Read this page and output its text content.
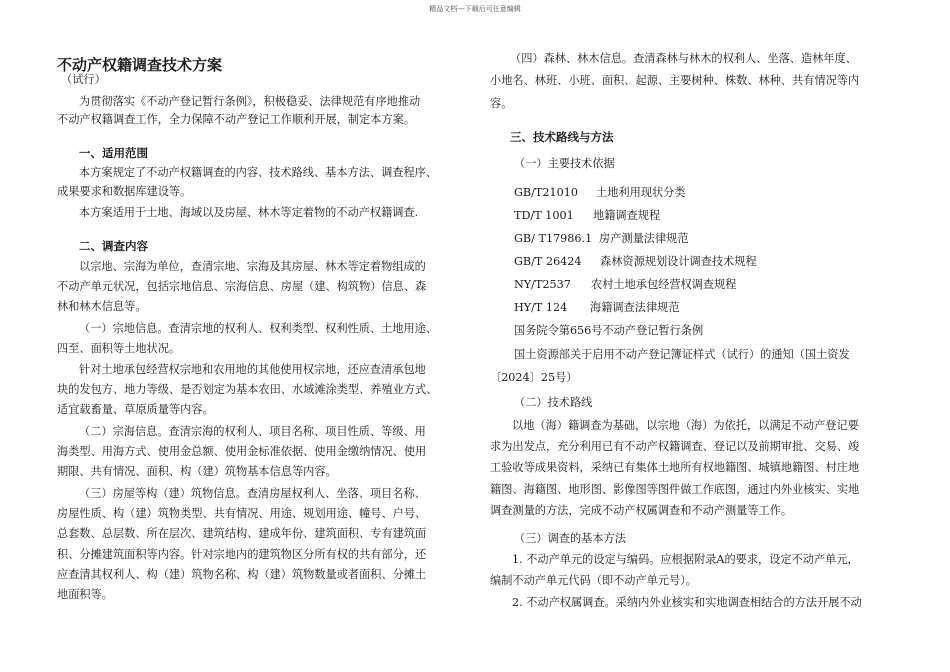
精品文档---下载后可任意编辑
不动产权籍调查技术方案
（试行）
为贯彻落实《不动产登记暂行条例》，积极稳妥、法律规范有序地推动
不动产权籍调查工作，全力保障不动产登记工作顺利开展，制定本方案。
一、适用范围
本方案规定了不动产权籍调查的内容、技术路线、基本方法、调查程序、
成果要求和数据库建设等。
本方案适用于土地、海域以及房屋、林木等定着物的不动产权籍调查.
二、调查内容
以宗地、宗海为单位，查清宗地、宗海及其房屋、林木等定着物组成的
不动产单元状况，包括宗地信息、宗海信息、房屋（建、构筑物）信息、森
林和林木信息等。
（一）宗地信息。查清宗地的权利人、权利类型、权利性质、土地用途、
四至、面积等土地状况。
针对土地承包经营权宗地和农用地的其他使用权宗地，还应查清承包地
块的发包方、地力等级、是否划定为基本农田、水域滩涂类型、养殖业方式、
适宜载畜量、草原质量等内容。
（二）宗海信息。查清宗海的权利人、项目名称、项目性质、等级、用
海类型、用海方式、使用金总额、使用金标准依据、使用金缴纳情况、使用
期限、共有情况、面积、构（建）筑物基本信息等内容。
（三）房屋等构（建）筑物信息。查清房屋权利人、坐落、项目名称、
房屋性质、构（建）筑物类型、共有情况、用途、规划用途、幢号、户号、
总套数、总层数、所在层次、建筑结构、建成年份、建筑面积、专有建筑面
积、分摊建筑面积等内容。针对宗地内的建筑物区分所有权的共有部分，还
应查清其权利人、构（建）筑物名称、构（建）筑物数量或者面积、分摊土
地面积等。
（四）森林、林木信息。查清森林与林木的权利人、坐落、造林年度、
小地名、林班、小班、面积、起源、主要树种、株数、林种、共有情况等内
容。
三、技术路线与方法
（一）主要技术依据
GB/T21010 土地利用现状分类
TD/T 1001 地籍调查规程
GB/ T17986.1 房产测量法律规范
GB/T 26424 森林资源规划设计调查技术规程
NY/T2537 农村土地承包经营权调查规程
HY/T 124 海籍调查法律规范
国务院令第656号不动产登记暂行条例
国土资源部关于启用不动产登记簿证样式（试行）的通知（国土资发
〔2024〕25号）
（二）技术路线
以地（海）籍调查为基础，以宗地（海）为依托，以满足不动产登记要
求为出发点，充分利用已有不动产权籍调查、登记以及前期审批、交易、竣
工验收等成果资料，采纳已有集体土地所有权地籍图、城镇地籍图、村庄地
籍图、海籍图、地形图、影像图等图件做工作底图，通过内外业核实、实地
调查测量的方法，完成不动产权属调查和不动产测量等工作。
（三）调查的基本方法
1. 不动产单元的设定与编码。应根据附录A的要求，设定不动产单元，
编制不动产单元代码（即不动产单元号）。
2. 不动产权属调查。采纳内外业核实和实地调查相结合的方法开展不动
